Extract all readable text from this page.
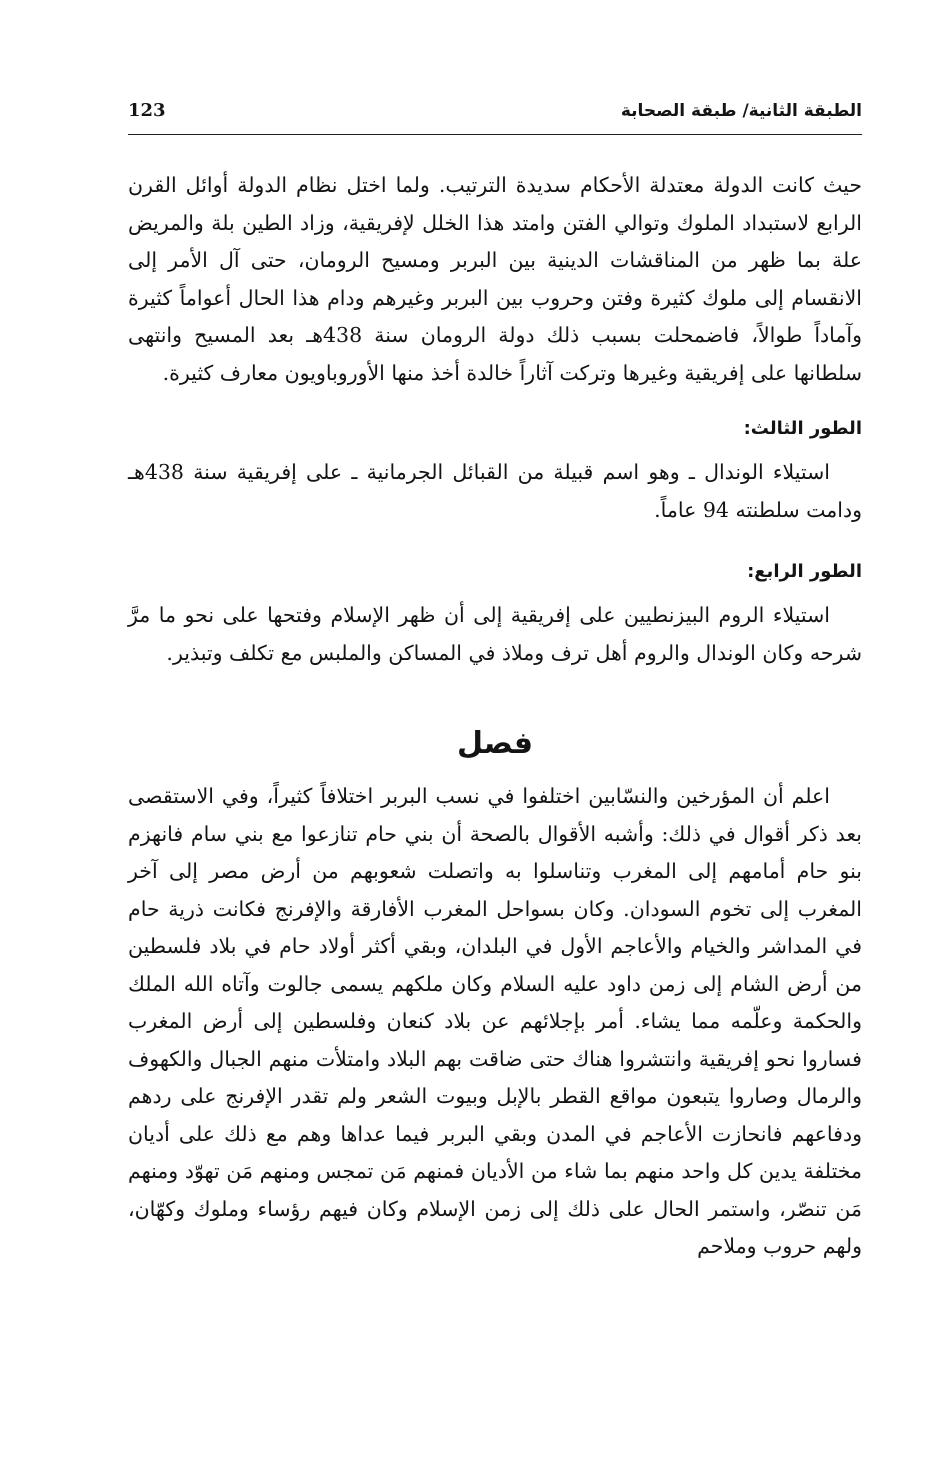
الطبقة الثانية/ طبقة الصحابة
123

حيث كانت الدولة معتدلة الأحكام سديدة الترتيب. ولما اختل نظام الدولة أوائل القرن الرابع لاستبداد الملوك وتوالي الفتن وامتد هذا الخلل لإفريقية، وزاد الطين بلة والمريض علة بما ظهر من المناقشات الدينية بين البربر ومسيح الرومان، حتى آل الأمر إلى الانقسام إلى ملوك كثيرة وفتن وحروب بين البربر وغيرهم ودام هذا الحال أعواماً كثيرة وآماداً طوالاً، فاضمحلت بسبب ذلك دولة الرومان سنة 438هـ بعد المسيح وانتهى سلطانها على إفريقية وغيرها وتركت آثاراً خالدة أخذ منها الأوروباويون معارف كثيرة.

الطور الثالث:

استيلاء الوندال ـ وهو اسم قبيلة من القبائل الجرمانية ـ على إفريقية سنة 438هـ ودامت سلطنته 94 عاماً.

الطور الرابع:

استيلاء الروم البيزنطيين على إفريقية إلى أن ظهر الإسلام وفتحها على نحو ما مرَّ شرحه وكان الوندال والروم أهل ترف وملاذ في المساكن والملبس مع تكلف وتبذير.

فصل

اعلم أن المؤرخين والنسّابين اختلفوا في نسب البربر اختلافاً كثيراً، وفي الاستقصى بعد ذكر أقوال في ذلك: وأشبه الأقوال بالصحة أن بني حام تنازعوا مع بني سام فانهزم بنو حام أمامهم إلى المغرب وتناسلوا به واتصلت شعوبهم من أرض مصر إلى آخر المغرب إلى تخوم السودان. وكان بسواحل المغرب الأفارقة والإفرنج فكانت ذرية حام في المداشر والخيام والأعاجم الأول في البلدان، وبقي أكثر أولاد حام في بلاد فلسطين من أرض الشام إلى زمن داود عليه السلام وكان ملكهم يسمى جالوت وآتاه الله الملك والحكمة وعلّمه مما يشاء. أمر بإجلائهم عن بلاد كنعان وفلسطين إلى أرض المغرب فساروا نحو إفريقية وانتشروا هناك حتى ضاقت بهم البلاد وامتلأت منهم الجبال والكهوف والرمال وصاروا يتبعون مواقع القطر بالإبل وبيوت الشعر ولم تقدر الإفرنج على ردهم ودفاعهم فانحازت الأعاجم في المدن وبقي البربر فيما عداها وهم مع ذلك على أديان مختلفة يدين كل واحد منهم بما شاء من الأديان فمنهم مَن تمجس ومنهم مَن تهوّد ومنهم مَن تنصّر، واستمر الحال على ذلك إلى زمن الإسلام وكان فيهم رؤساء وملوك وكهّان، ولهم حروب وملاحم
